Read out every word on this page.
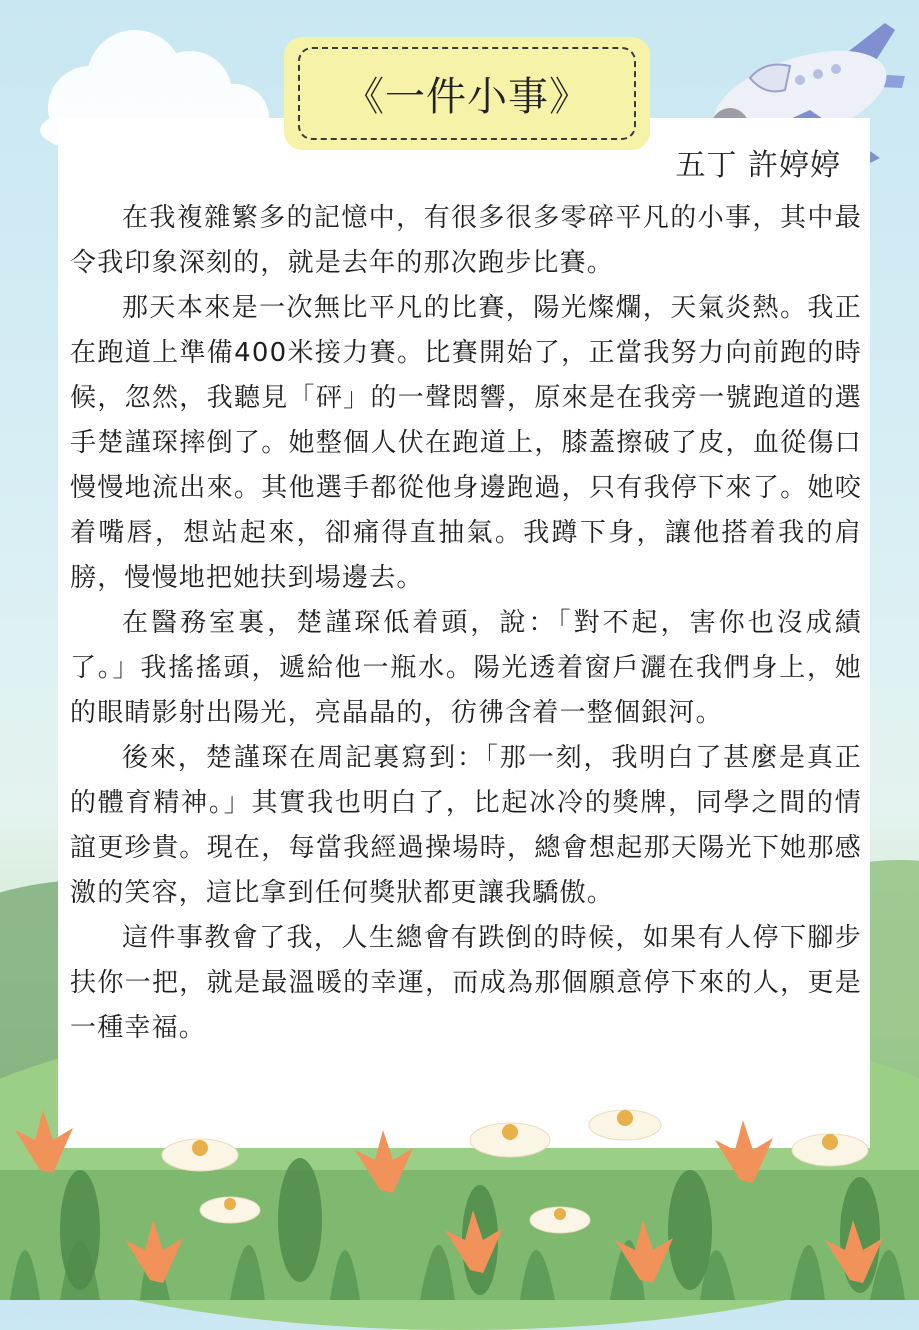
《一件小事》
五丁 許婷婷

在我複雜繁多的記憶中，有很多很多零碎平凡的小事，其中最令我印象深刻的，就是去年的那次跑步比賽。

那天本來是一次無比平凡的比賽，陽光燦爛，天氣炎熱。我正在跑道上準備400米接力賽。比賽開始了，正當我努力向前跑的時候，忽然，我聽見「砰」的一聲悶響，原來是在我旁一號跑道的選手楚謹琛摔倒了。她整個人伏在跑道上，膝蓋擦破了皮，血從傷口慢慢地流出來。其他選手都從他身邊跑過，只有我停下來了。她咬着嘴唇，想站起來，卻痛得直抽氣。我蹲下身，讓他搭着我的肩膀，慢慢地把她扶到場邊去。

在醫務室裏，楚謹琛低着頭，說：「對不起，害你也沒成績了。」我搖搖頭，遞給他一瓶水。陽光透着窗戶灑在我們身上，她的眼睛影射出陽光，亮晶晶的，彷彿含着一整個銀河。

後來，楚謹琛在周記裏寫到：「那一刻，我明白了甚麼是真正的體育精神。」其實我也明白了，比起冰冷的獎牌，同學之間的情誼更珍貴。現在，每當我經過操場時，總會想起那天陽光下她那感激的笑容，這比拿到任何獎狀都更讓我驕傲。

這件事教會了我，人生總會有跌倒的時候，如果有人停下腳步扶你一把，就是最溫暖的幸運，而成為那個願意停下來的人，更是一種幸福。
